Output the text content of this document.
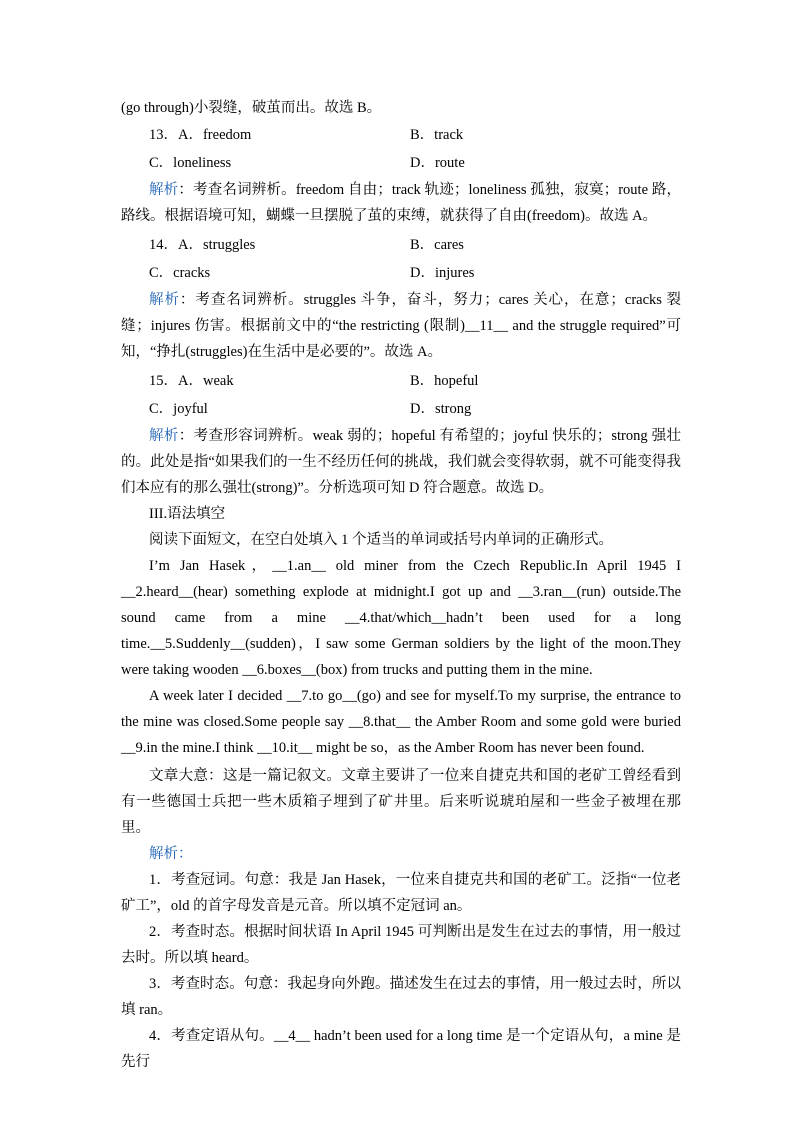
(go through)小裂缝，破茧而出。故选 B。

13．A．freedom	B．track
C．loneliness	D．route

解析：考查名词辨析。freedom 自由；track 轨迹；loneliness 孤独，寂寞；route 路，路线。根据语境可知，蝴蝶一旦摆脱了茧的束缚，就获得了自由(freedom)。故选 A。

14．A．struggles	B．cares
C．cracks	D．injures

解析：考查名词辨析。struggles 斗争，奋斗，努力；cares 关心，在意；cracks 裂缝；injures 伤害。根据前文中的“the restricting (限制)__11__ and the struggle required”可知，“挣扎(struggles)在生活中是必要的”。故选 A。

15．A．weak	B．hopeful
C．joyful	D．strong

解析：考查形容词辨析。weak 弱的；hopeful 有希望的；joyful 快乐的；strong 强壮的。此处是指“如果我们的一生不经历任何的挑战，我们就会变得软弱，就不可能变得我们本应有的那么强壮(strong)”。分析选项可知 D 符合题意。故选 D。

III.语法填空

阅读下面短文，在空白处填入 1 个适当的单词或括号内单词的正确形式。

I’m Jan Hasek，__1.an__ old miner from the Czech Republic.In April 1945 I __2.heard__(hear) something explode at midnight.I got up and __3.ran__(run) outside.The sound came from a mine __4.that/which__hadn’t been used for a long time.__5.Suddenly__(sudden)，I saw some German soldiers by the light of the moon.They were taking wooden __6.boxes__(box) from trucks and putting them in the mine.

A week later I decided __7.to go__(go) and see for myself.To my surprise, the entrance to the mine was closed.Some people say __8.that__ the Amber Room and some gold were buried __9.in the mine.I think __10.it__ might be so，as the Amber Room has never been found.

文章大意：这是一篇记叙文。文章主要讲了一位来自捷克共和国的老矿工曾经看到有一些德国士兵把一些木质箱子埋到了矿井里。后来听说琥珀屋和一些金子被埋在那里。

解析：

1．考查冠词。句意：我是 Jan Hasek，一位来自捷克共和国的老矿工。泛指“一位老矿工”，old 的首字母发音是元音。所以填不定冠词 an。

2．考查时态。根据时间状语 In April 1945 可判断出是发生在过去的事情，用一般过去时。所以填 heard。

3．考查时态。句意：我起身向外跑。描述发生在过去的事情，用一般过去时，所以填 ran。

4．考查定语从句。__4__ hadn’t been used for a long time 是一个定语从句，a mine 是先行
